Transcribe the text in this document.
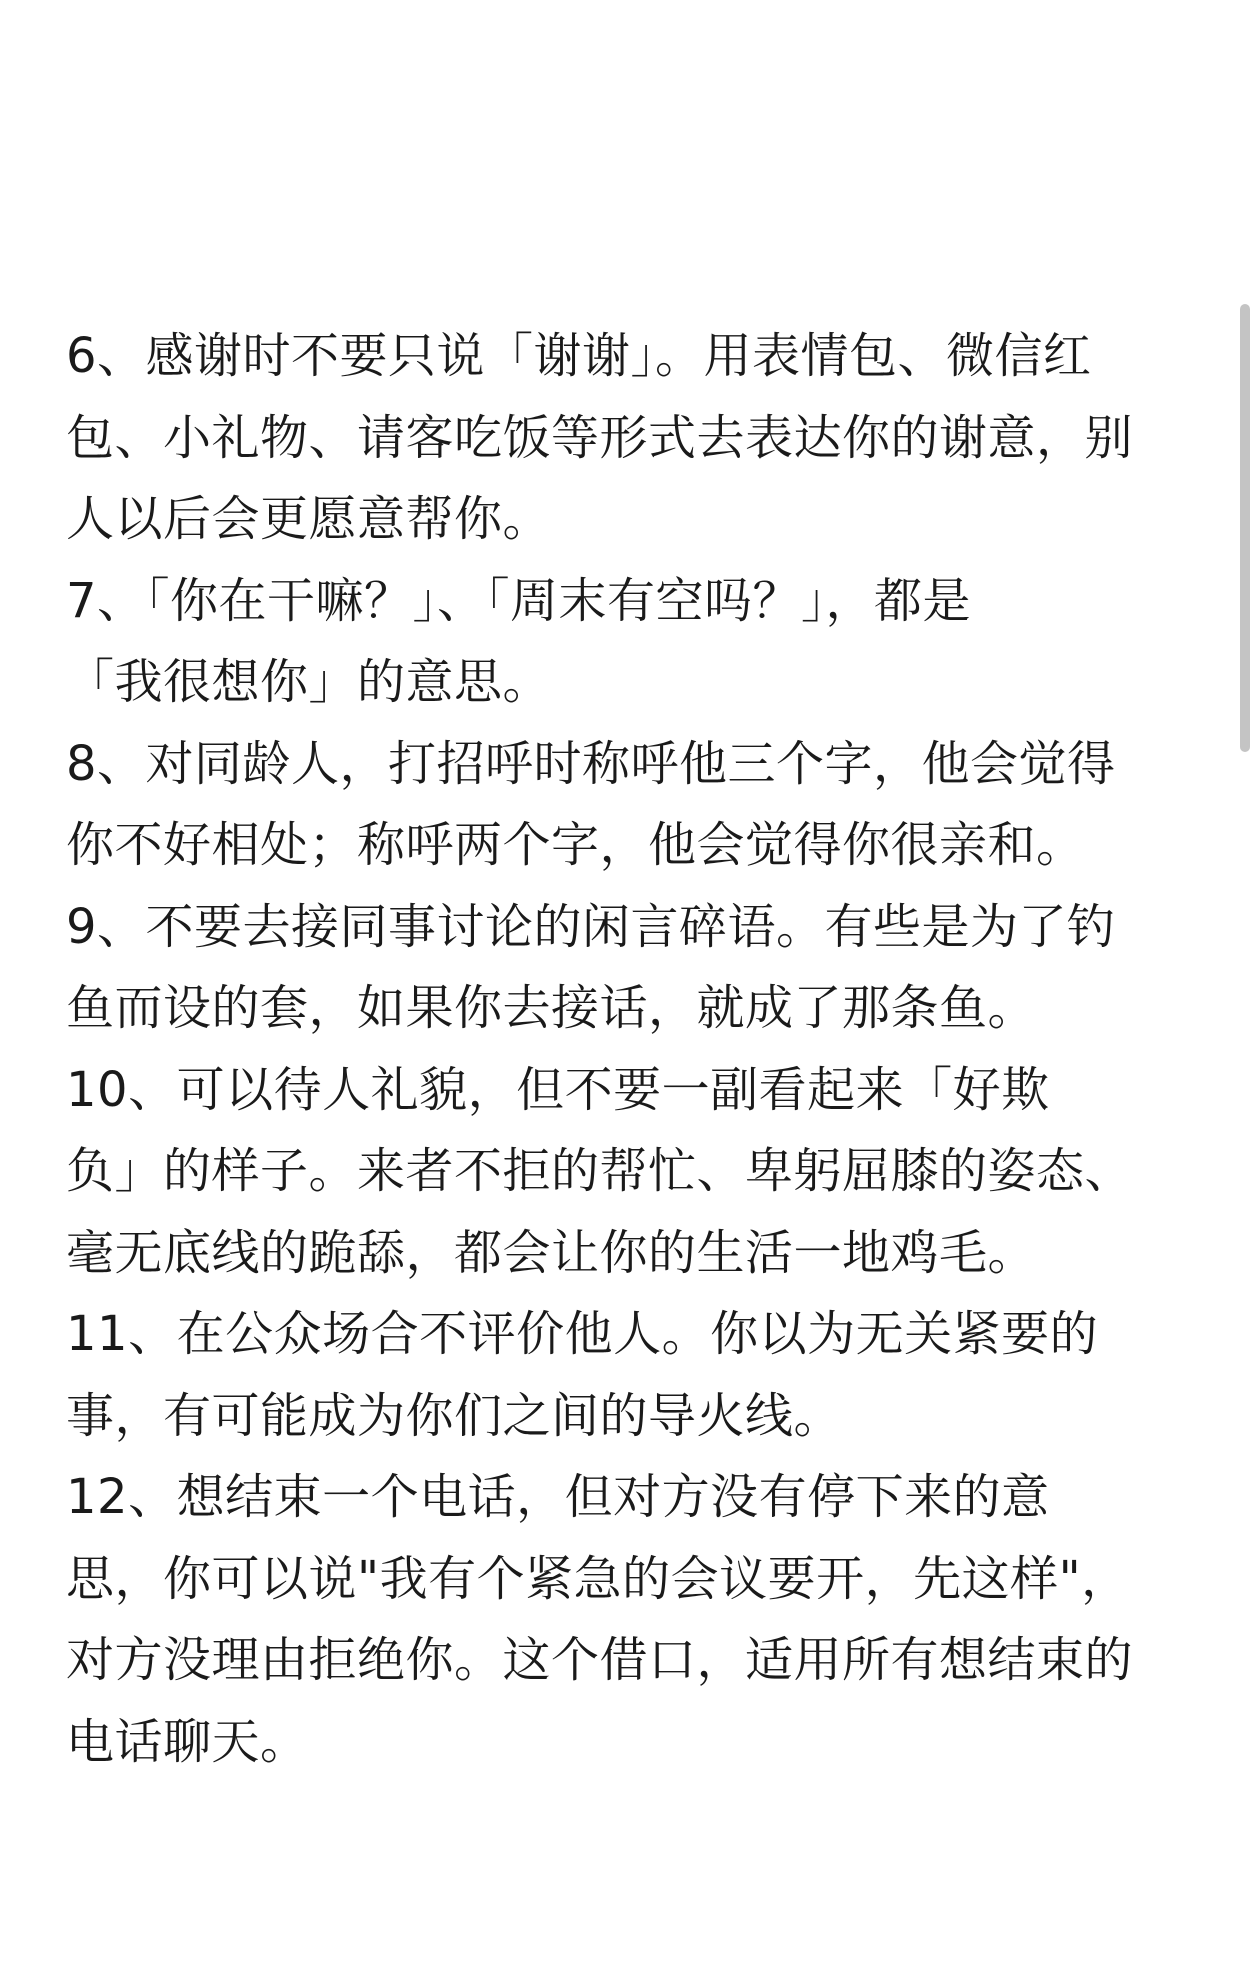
6、感谢时不要只说「谢谢」。用表情包、微信红
包、小礼物、请客吃饭等形式去表达你的谢意，别
人以后会更愿意帮你。
7、「你在干嘛？」、「周末有空吗？」，都是
「我很想你」的意思。
8、对同龄人，打招呼时称呼他三个字，他会觉得
你不好相处；称呼两个字，他会觉得你很亲和。
9、不要去接同事讨论的闲言碎语。有些是为了钓
鱼而设的套，如果你去接话，就成了那条鱼。
10、可以待人礼貌，但不要一副看起来「好欺
负」的样子。来者不拒的帮忙、卑躬屈膝的姿态、
毫无底线的跪舔，都会让你的生活一地鸡毛。
11、在公众场合不评价他人。你以为无关紧要的
事，有可能成为你们之间的导火线。
12、想结束一个电话，但对方没有停下来的意
思，你可以说"我有个紧急的会议要开，先这样"，
对方没理由拒绝你。这个借口，适用所有想结束的
电话聊天。
